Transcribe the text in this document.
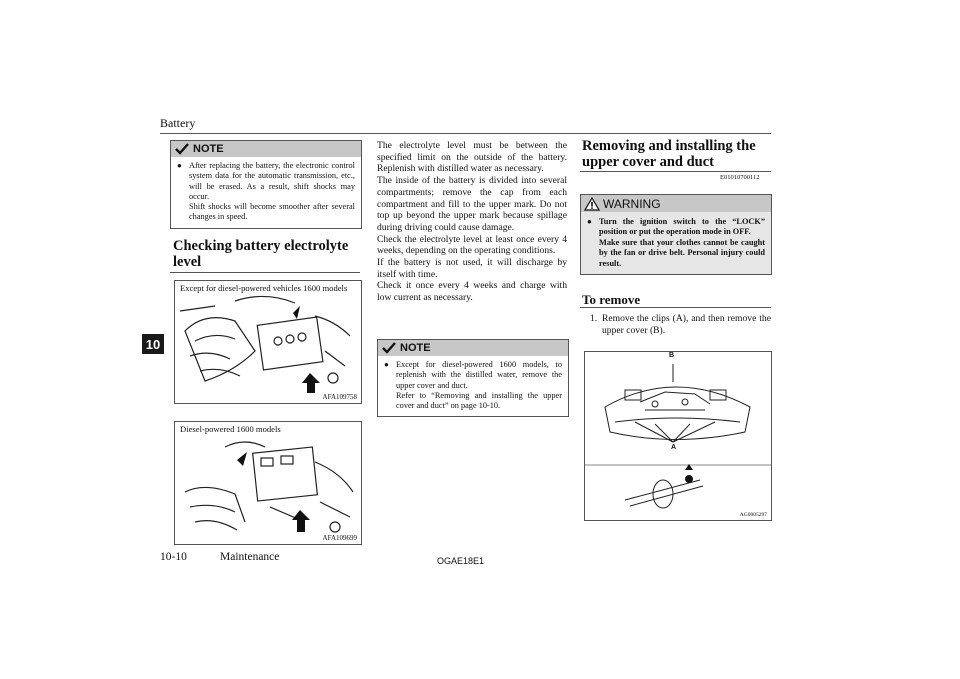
Battery
10
NOTE
● After replacing the battery, the electronic control system data for the automatic transmission, etc., will be erased. As a result, shift shocks may occur.

Shift shocks will become smoother after several changes in speed.

Checking battery electrolyte level
Except for diesel-powered vehicles 1600 models
AFA109758
Diesel-powered 1600 models
AFA109699

The electrolyte level must be between the specified limit on the outside of the battery. Replenish with distilled water as necessary.

The inside of the battery is divided into several compartments; remove the cap from each compartment and fill to the upper mark. Do not top up beyond the upper mark because spillage during driving could cause damage.

Check the electrolyte level at least once every 4 weeks, depending on the operating conditions.

If the battery is not used, it will discharge by itself with time.

Check it once every 4 weeks and charge with low current as necessary.

NOTE
● Except for diesel-powered 1600 models, to replenish with the distilled water, remove the upper cover and duct.

Refer to “Removing and installing the upper cover and duct” on page 10-10.

Removing and installing the upper cover and duct
E01010700112
WARNING
● Turn the ignition switch to the “LOCK” position or put the operation mode in OFF.

Make sure that your clothes cannot be caught by the fan or drive belt. Personal injury could result.

To remove
1. Remove the clips (A), and then remove the upper cover (B).
B
A
AG0005297
10-10	Maintenance	OGAE18E1
